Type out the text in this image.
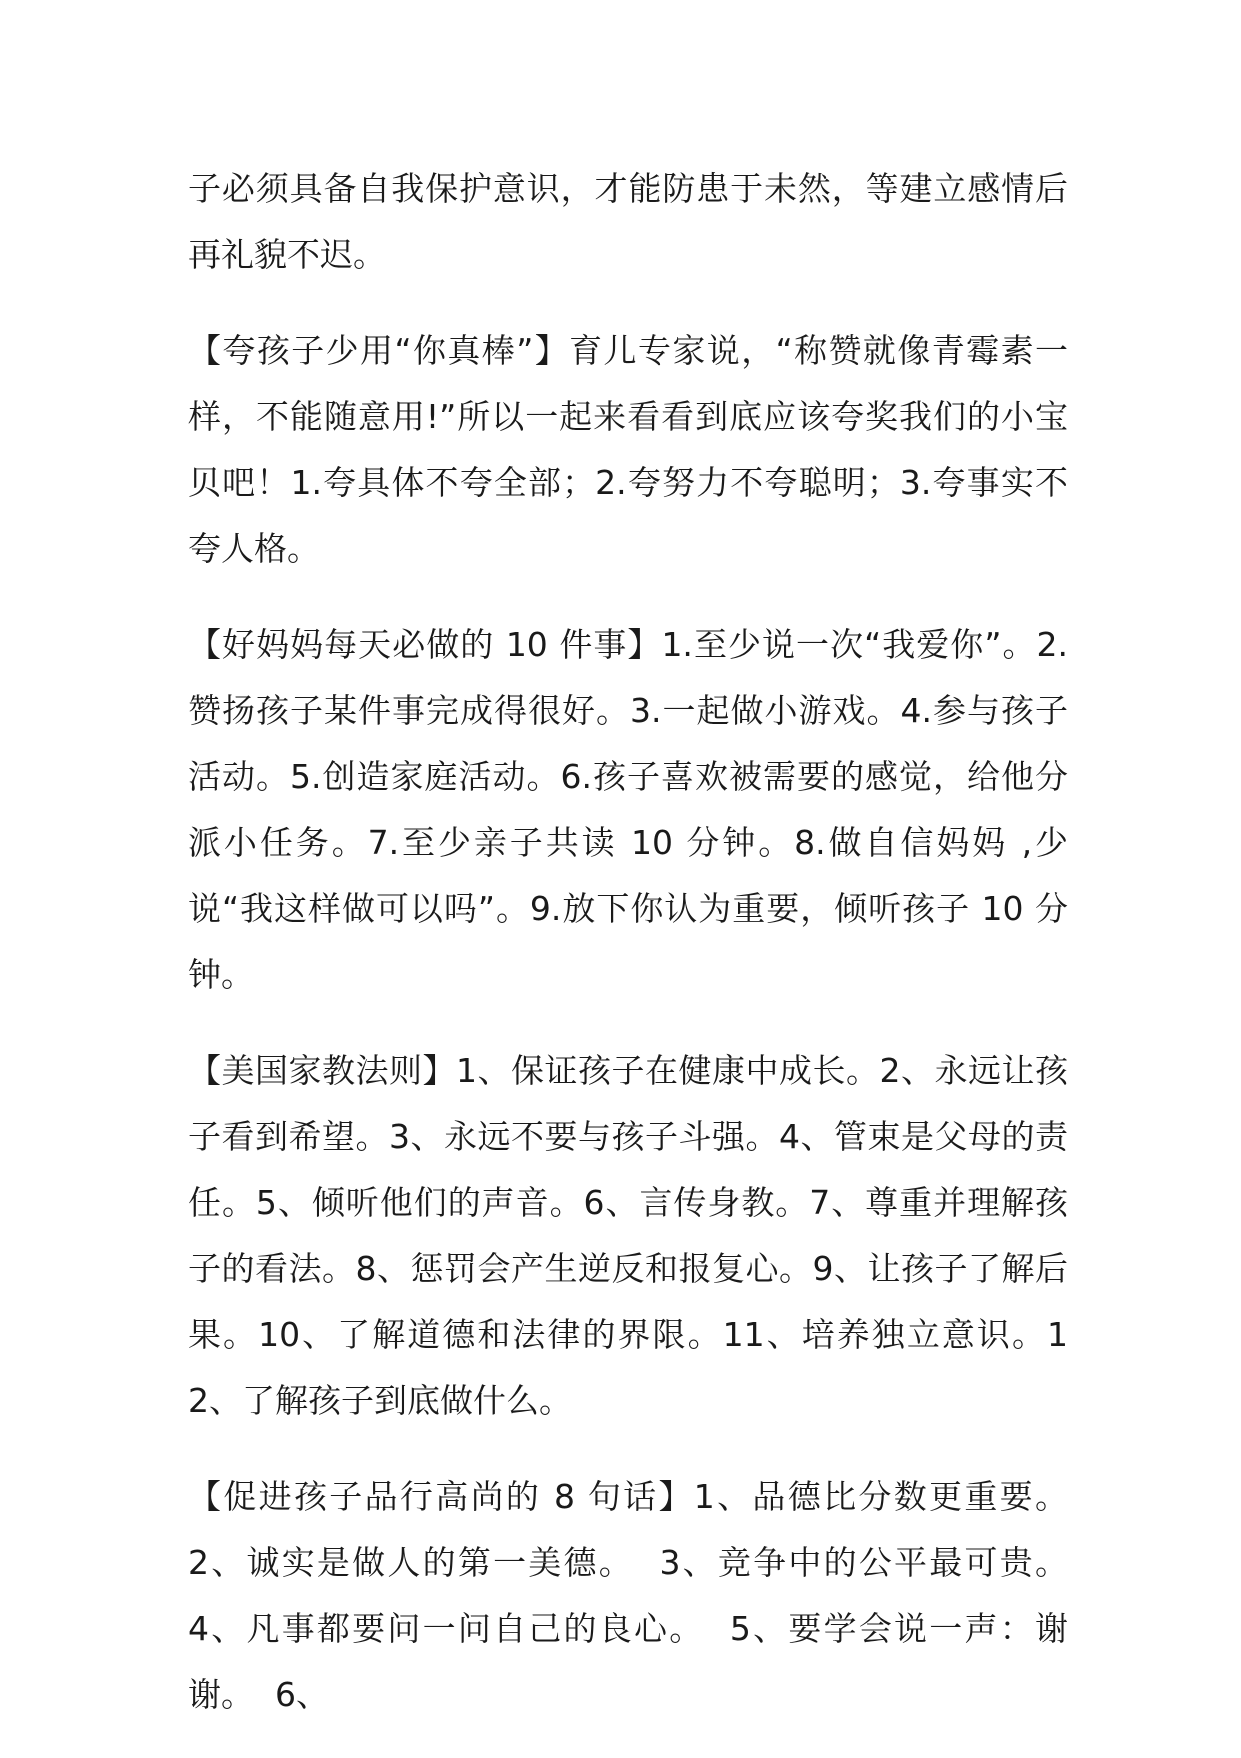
子必须具备自我保护意识，才能防患于未然，等建立感情后再礼貌不迟。

【夸孩子少用“你真棒”】育儿专家说，“称赞就像青霉素一样，不能随意用!”所以一起来看看到底应该夸奖我们的小宝贝吧！1.夸具体不夸全部；2.夸努力不夸聪明；3.夸事实不夸人格。

【好妈妈每天必做的 10 件事】1.至少说一次“我爱你”。2.赞扬孩子某件事完成得很好。3.一起做小游戏。4.参与孩子活动。5.创造家庭活动。6.孩子喜欢被需要的感觉，给他分派小任务。7.至少亲子共读 10 分钟。8.做自信妈妈 ,少说“我这样做可以吗”。9.放下你认为重要，倾听孩子 10 分钟。

【美国家教法则】1、保证孩子在健康中成长。2、永远让孩子看到希望。3、永远不要与孩子斗强。4、管束是父母的责任。5、倾听他们的声音。6、言传身教。7、尊重并理解孩子的看法。8、惩罚会产生逆反和报复心。9、让孩子了解后果。10、了解道德和法律的界限。11、培养独立意识。12、了解孩子到底做什么。

【促进孩子品行高尚的 8 句话】1、品德比分数更重要。  2、诚实是做人的第一美德。  3、竞争中的公平最可贵。  4、凡事都要问一问自己的良心。  5、要学会说一声：谢谢。  6、
